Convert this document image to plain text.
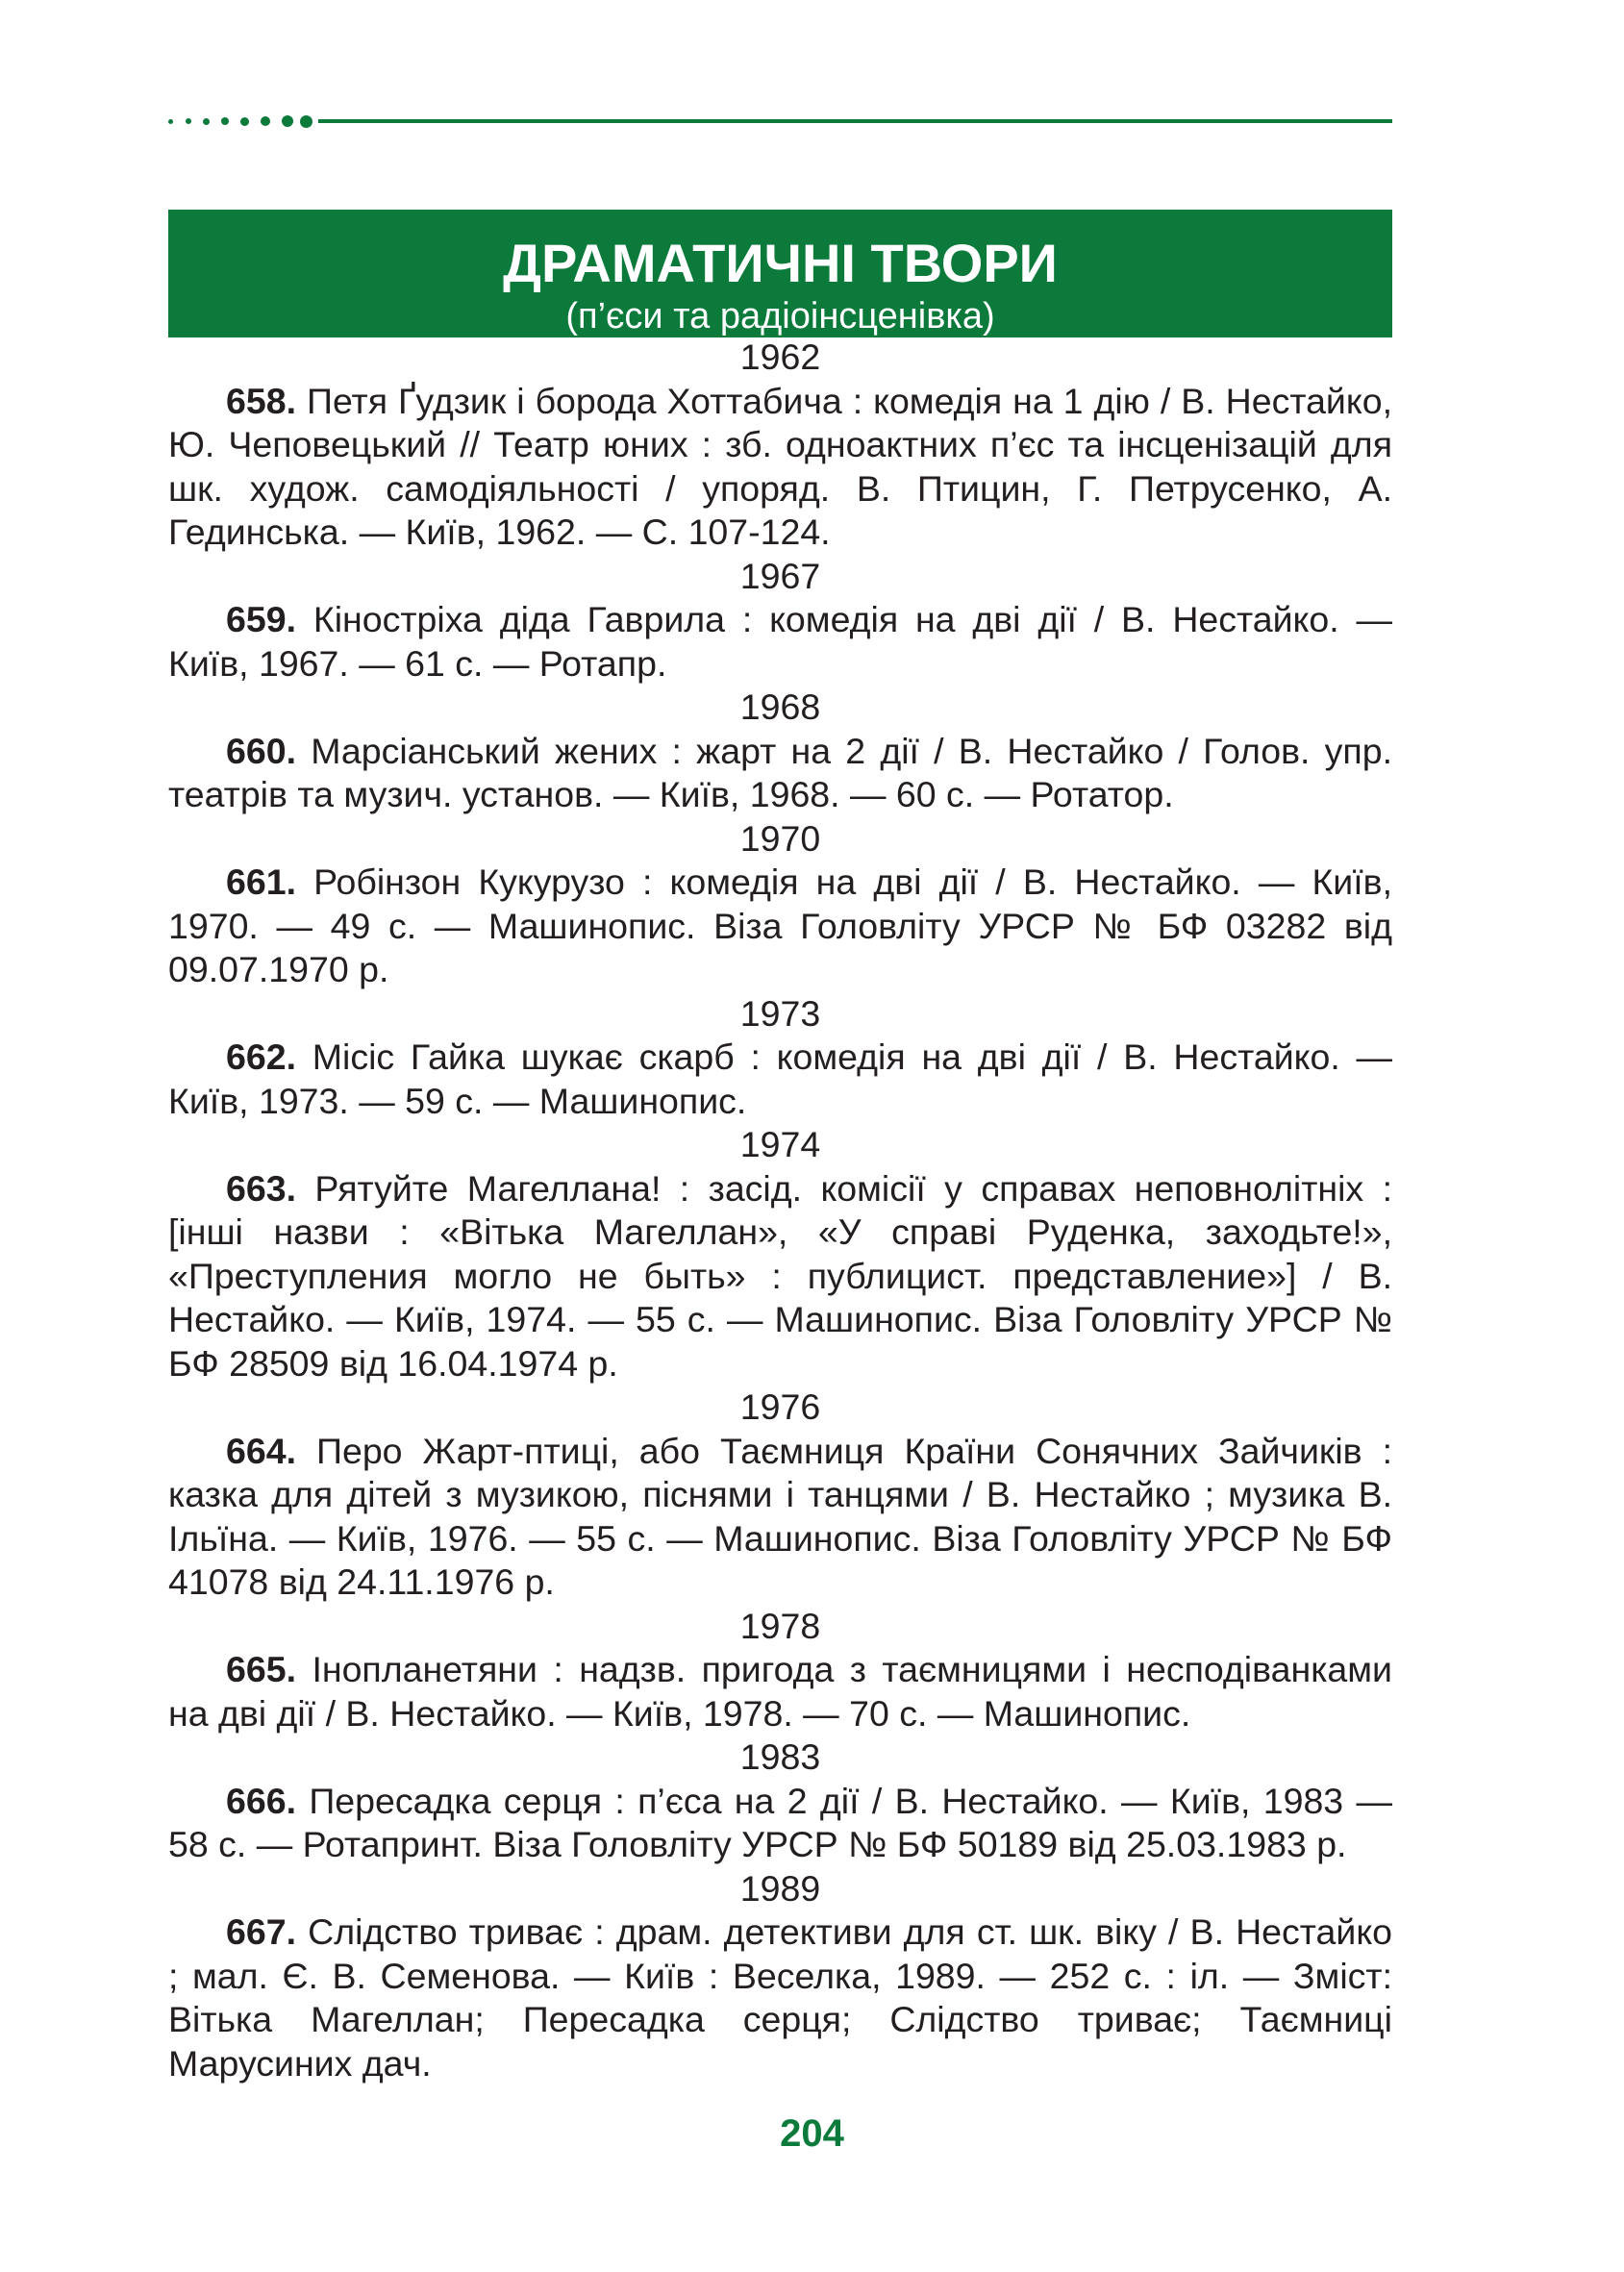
ДРАМАТИЧНІ ТВОРИ
(п’єси та радіоінсценівка)
1962

658. Петя Ґудзик і борода Хоттабича : комедія на 1 дію / В. Нестайко, Ю. Чеповецький // Театр юних : зб. одноактних п’єс та інсценізацій для шк. худож. самодіяльності / упоряд. В. Птицин, Г. Петрусенко, А. Гединська. — Київ, 1962. — С. 107-124.

1967

659. Кіностріха діда Гаврила : комедія на дві дії / В. Нестайко. — Київ, 1967. — 61 с. — Ротапр.

1968

660. Марсіанський жених : жарт на 2 дії / В. Нестайко / Голов. упр. театрів та музич. установ. — Київ, 1968. — 60 с. — Ротатор.

1970

661. Робінзон Кукурузо : комедія на дві дії / В. Нестайко. — Київ, 1970. — 49 с. — Машинопис. Віза Головліту УРСР № БФ 03282 від 09.07.1970 р.

1973

662. Місіс Гайка шукає скарб : комедія на дві дії / В. Нестайко. — Київ, 1973. — 59 с. — Машинопис.

1974

663. Рятуйте Магеллана! : засід. комісії у справах неповнолітніх : [інші назви : «Вітька Магеллан», «У справі Руденка, заходьте!», «Преступления могло не быть» : публицист. представление»] / В. Нестайко. — Київ, 1974. — 55 с. — Машинопис. Віза Головліту УРСР № БФ 28509 від 16.04.1974 р.

1976

664. Перо Жарт-птиці, або Таємниця Країни Сонячних Зайчиків : казка для дітей з музикою, піснями і танцями / В. Нестайко ; музика В. Ільїна. — Київ, 1976. — 55 с. — Машинопис. Віза Головліту УРСР № БФ 41078 від 24.11.1976 р.

1978

665. Інопланетяни : надзв. пригода з таємницями і несподіванками на дві дії / В. Нестайко. — Київ, 1978. — 70 с. — Машинопис.

1983

666. Пересадка серця : п’єса на 2 дії / В. Нестайко. — Київ, 1983 — 58 с. — Ротапринт. Віза Головліту УРСР № БФ 50189 від 25.03.1983 р.

1989

667. Слідство триває : драм. детективи для ст. шк. віку / В. Нестайко ; мал. Є. В. Семенова. — Київ : Веселка, 1989. — 252 с. : іл. — Зміст: Вітька Магеллан; Пересадка серця; Слідство триває; Таємниці Марусиних дач.

204
